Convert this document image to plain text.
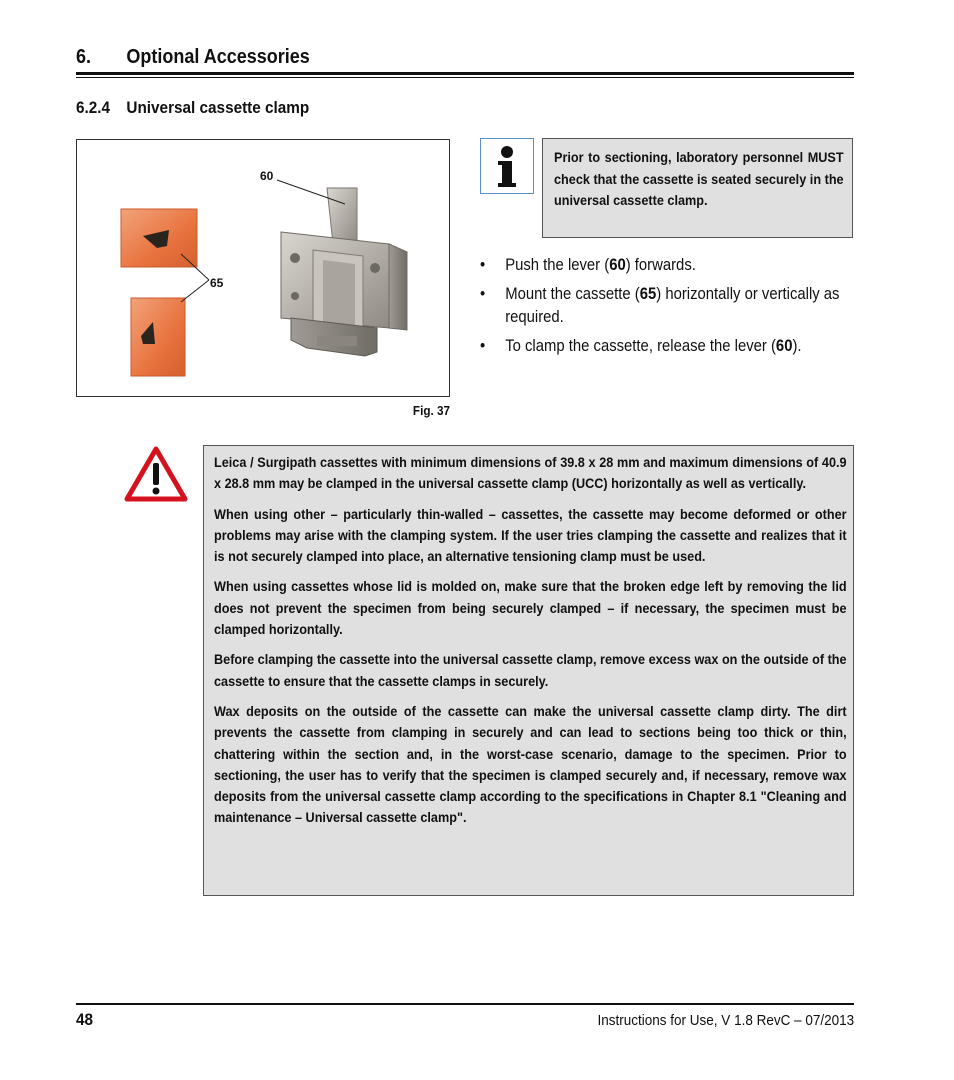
6. Optional Accessories
6.2.4 Universal cassette clamp
60
65
Fig. 37
Prior to sectioning, laboratory personnel MUST check that the cassette is seated securely in the universal cassette clamp.
• Push the lever (60) forwards.
• Mount the cassette (65) horizontally or vertically as required.
• To clamp the cassette, release the lever (60).

Leica / Surgipath cassettes with minimum dimensions of 39.8 x 28 mm and maximum dimensions of 40.9 x 28.8 mm may be clamped in the universal cassette clamp (UCC) horizontally as well as vertically.

When using other – particularly thin-walled – cassettes, the cassette may become deformed or other problems may arise with the clamping system. If the user tries clamping the cassette and realizes that it is not securely clamped into place, an alternative tensioning clamp must be used.

When using cassettes whose lid is molded on, make sure that the broken edge left by removing the lid does not prevent the specimen from being securely clamped – if necessary, the specimen must be clamped horizontally.

Before clamping the cassette into the universal cassette clamp, remove excess wax on the outside of the cassette to ensure that the cassette clamps in securely.

Wax deposits on the outside of the cassette can make the universal cassette clamp dirty. The dirt prevents the cassette from clamping in securely and can lead to sections being too thick or thin, chattering within the section and, in the worst-case scenario, damage to the specimen. Prior to sectioning, the user has to verify that the specimen is clamped securely and, if necessary, remove wax deposits from the universal cassette clamp according to the specifications in Chapter 8.1 "Cleaning and maintenance – Universal cassette clamp".

48	Instructions for Use, V 1.8 RevC – 07/2013
